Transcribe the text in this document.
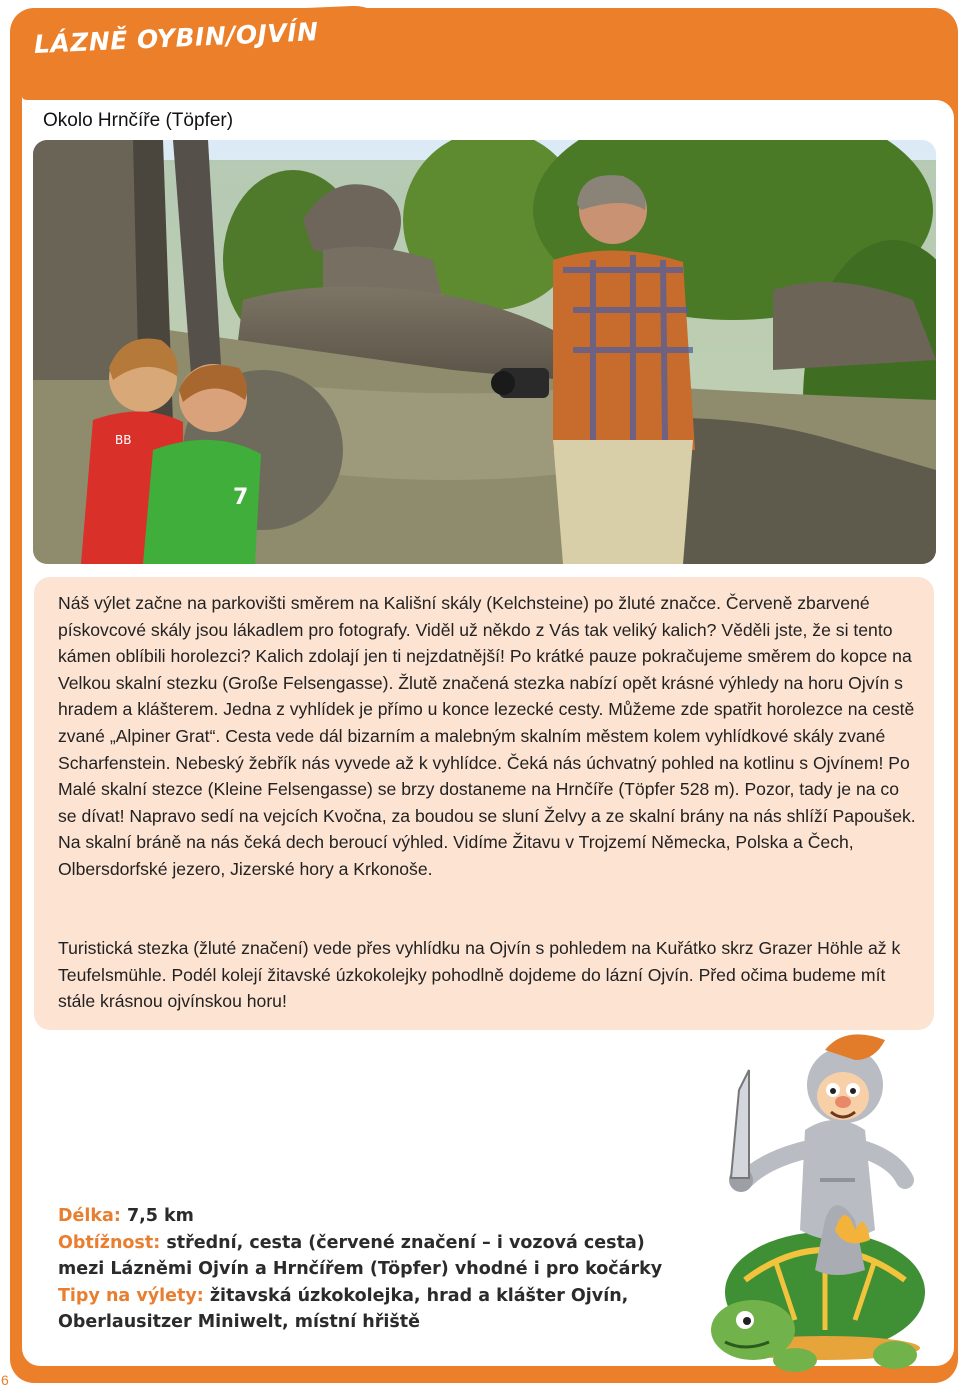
LÁZNĚ OYBIN/OJVÍN
Okolo Hrnčíře (Töpfer)
BB
7

Náš výlet začne na parkovišti směrem na Kališní skály (Kelchsteine) po žluté značce. Červeně zbarvené pískovcové skály jsou lákadlem pro fotografy. Viděl už někdo z Vás tak veliký kalich? Věděli jste, že si tento kámen oblíbili horolezci? Kalich zdolají jen ti nejzdatnější! Po krátké pauze pokračujeme směrem do kopce na Velkou skalní stezku (Große Felsengasse). Žlutě značená stezka nabízí opět krásné výhledy na horu Ojvín s hradem a klášterem. Jedna z vyhlídek je přímo u konce lezecké cesty. Můžeme zde spatřit horolezce na cestě zvané „Alpiner Grat“. Cesta vede dál bizarním a malebným skalním městem kolem vyhlídkové skály zvané Scharfenstein. Nebeský žebřík nás vyvede až k vyhlídce. Čeká nás úchvatný pohled na kotlinu s Ojvínem! Po Malé skalní stezce (Kleine Felsengasse) se brzy dostaneme na Hrnčíře (Töpfer 528 m). Pozor, tady je na co se dívat! Napravo sedí na vejcích Kvočna, za boudou se sluní Želvy a ze skalní brány na nás shlíží Papoušek. Na skalní bráně na nás čeká dech beroucí výhled. Vidíme Žitavu v Trojzemí Německa, Polska a Čech, Olbersdorfské jezero, Jizerské hory a Krkonoše.

Turistická stezka (žluté značení) vede přes vyhlídku na Ojvín s pohledem na Kuřátko skrz Grazer Höhle až k Teufelsmühle. Podél kolejí žitavské úzkokolejky pohodlně dojdeme do lázní Ojvín. Před očima budeme mít stále krásnou ojvínskou horu!

Délka: 7,5 km
Obtížnost: střední, cesta (červené značení – i vozová cesta)
mezi Lázněmi Ojvín a Hrnčířem (Töpfer) vhodné i pro kočárky
Tipy na výlety: žitavská úzkokolejka, hrad a klášter Ojvín,
Oberlausitzer Miniwelt, místní hřiště
6
